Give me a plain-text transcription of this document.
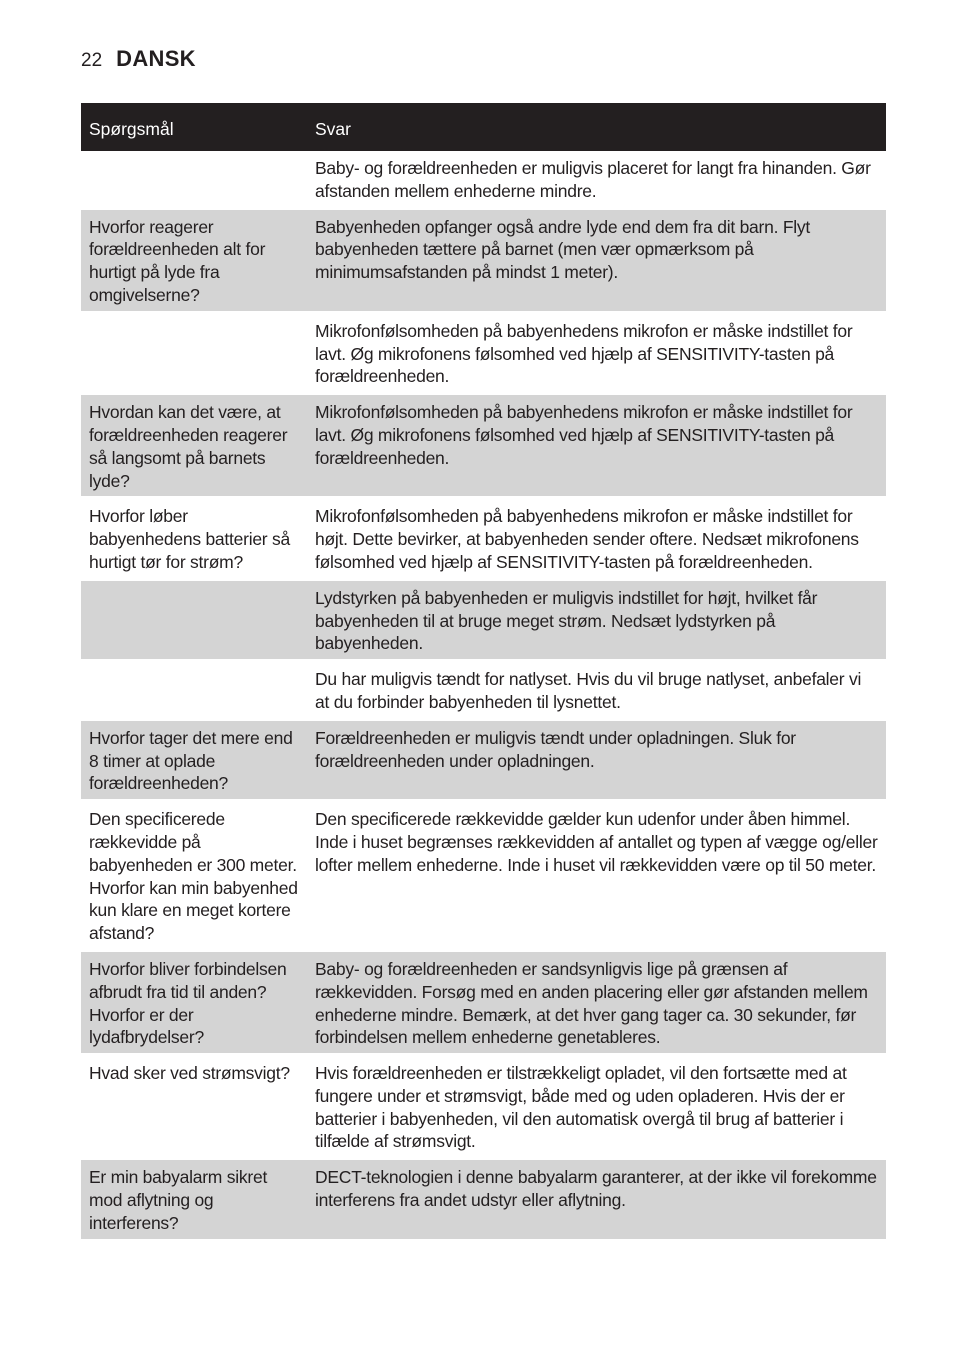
22 DANSK
Spørgsmål	Svar
	Baby- og forældreenheden er muligvis placeret for langt fra hinanden. Gør afstanden mellem enhederne mindre.
Hvorfor reagerer forældreenheden alt for hurtigt på lyde fra omgivelserne?	Babyenheden opfanger også andre lyde end dem fra dit barn. Flyt babyenheden tættere på barnet (men vær opmærksom på minimumsafstanden på mindst 1 meter).
	Mikrofonfølsomheden på babyenhedens mikrofon er måske indstillet for lavt. Øg mikrofonens følsomhed ved hjælp af SENSITIVITY-tasten på forældreenheden.
Hvordan kan det være, at forældreenheden reagerer så langsomt på barnets lyde?	Mikrofonfølsomheden på babyenhedens mikrofon er måske indstillet for lavt. Øg mikrofonens følsomhed ved hjælp af SENSITIVITY-tasten på forældreenheden.
Hvorfor løber babyenhedens batterier så hurtigt tør for strøm?	Mikrofonfølsomheden på babyenhedens mikrofon er måske indstillet for højt. Dette bevirker, at babyenheden sender oftere. Nedsæt mikrofonens følsomhed ved hjælp af SENSITIVITY-tasten på forældreenheden.
	Lydstyrken på babyenheden er muligvis indstillet for højt, hvilket får babyenheden til at bruge meget strøm. Nedsæt lydstyrken på babyenheden.
	Du har muligvis tændt for natlyset. Hvis du vil bruge natlyset, anbefaler vi at du forbinder babyenheden til lysnettet.
Hvorfor tager det mere end 8 timer at oplade forældreenheden?	Forældreenheden er muligvis tændt under opladningen. Sluk for forældreenheden under opladningen.
Den specificerede rækkevidde på babyenheden er 300 meter. Hvorfor kan min babyenhed kun klare en meget kortere afstand?	Den specificerede rækkevidde gælder kun udenfor under åben himmel. Inde i huset begrænses rækkevidden af antallet og typen af vægge og/eller lofter mellem enhederne. Inde i huset vil rækkevidden være op til 50 meter.
Hvorfor bliver forbindelsen afbrudt fra tid til anden? Hvorfor er der lydafbrydelser?	Baby- og forældreenheden er sandsynligvis lige på grænsen af rækkevidden. Forsøg med en anden placering eller gør afstanden mellem enhederne mindre. Bemærk, at det hver gang tager ca. 30 sekunder, før forbindelsen mellem enhederne genetableres.
Hvad sker ved strømsvigt?	Hvis forældreenheden er tilstrækkeligt opladet, vil den fortsætte med at fungere under et strømsvigt, både med og uden opladeren. Hvis der er batterier i babyenheden, vil den automatisk overgå til brug af batterier i tilfælde af strømsvigt.
Er min babyalarm sikret mod aflytning og interferens?	DECT-teknologien i denne babyalarm garanterer, at der ikke vil forekomme interferens fra andet udstyr eller aflytning.
